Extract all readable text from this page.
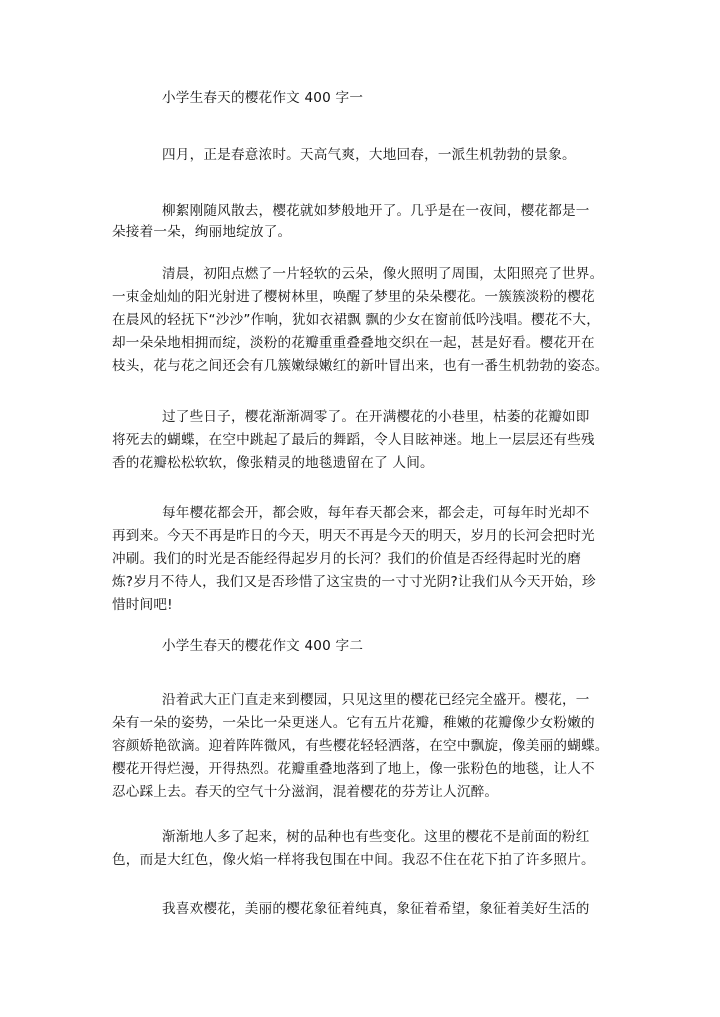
小学生春天的樱花作文 400 字一
四月，正是春意浓时。天高气爽，大地回春，一派生机勃勃的景象。
柳絮刚随风散去，樱花就如梦般地开了。几乎是在一夜间，樱花都是一
朵接着一朵，绚丽地绽放了。
清晨，初阳点燃了一片轻软的云朵，像火照明了周围，太阳照亮了世界。
一束金灿灿的阳光射进了樱树林里，唤醒了梦里的朵朵樱花。一簇簇淡粉的樱花
在晨风的轻抚下“沙沙”作响，犹如衣裙飘 飘的少女在窗前低吟浅唱。樱花不大，
却一朵朵地相拥而绽，淡粉的花瓣重重叠叠地交织在一起，甚是好看。樱花开在
枝头，花与花之间还会有几簇嫩绿嫩红的新叶冒出来，也有一番生机勃勃的姿态。
过了些日子，樱花渐渐凋零了。在开满樱花的小巷里，枯萎的花瓣如即
将死去的蝴蝶，在空中跳起了最后的舞蹈，令人目眩神迷。地上一层层还有些残
香的花瓣松松软软，像张精灵的地毯遗留在了 人间。
每年樱花都会开，都会败，每年春天都会来，都会走，可每年时光却不
再到来。今天不再是昨日的今天，明天不再是今天的明天，岁月的长河会把时光
冲刷。我们的时光是否能经得起岁月的长河？我们的价值是否经得起时光的磨
炼?岁月不待人，我们又是否珍惜了这宝贵的一寸寸光阴?让我们从今天开始，珍
惜时间吧!
小学生春天的樱花作文 400 字二
沿着武大正门直走来到樱园，只见这里的樱花已经完全盛开。樱花，一
朵有一朵的姿势，一朵比一朵更迷人。它有五片花瓣，稚嫩的花瓣像少女粉嫩的
容颜娇艳欲滴。迎着阵阵微风，有些樱花轻轻洒落，在空中飘旋，像美丽的蝴蝶。
樱花开得烂漫，开得热烈。花瓣重叠地落到了地上，像一张粉色的地毯，让人不
忍心踩上去。春天的空气十分滋润，混着樱花的芬芳让人沉醉。
渐渐地人多了起来，树的品种也有些变化。这里的樱花不是前面的粉红
色，而是大红色，像火焰一样将我包围在中间。我忍不住在花下拍了许多照片。
我喜欢樱花，美丽的樱花象征着纯真，象征着希望，象征着美好生活的
